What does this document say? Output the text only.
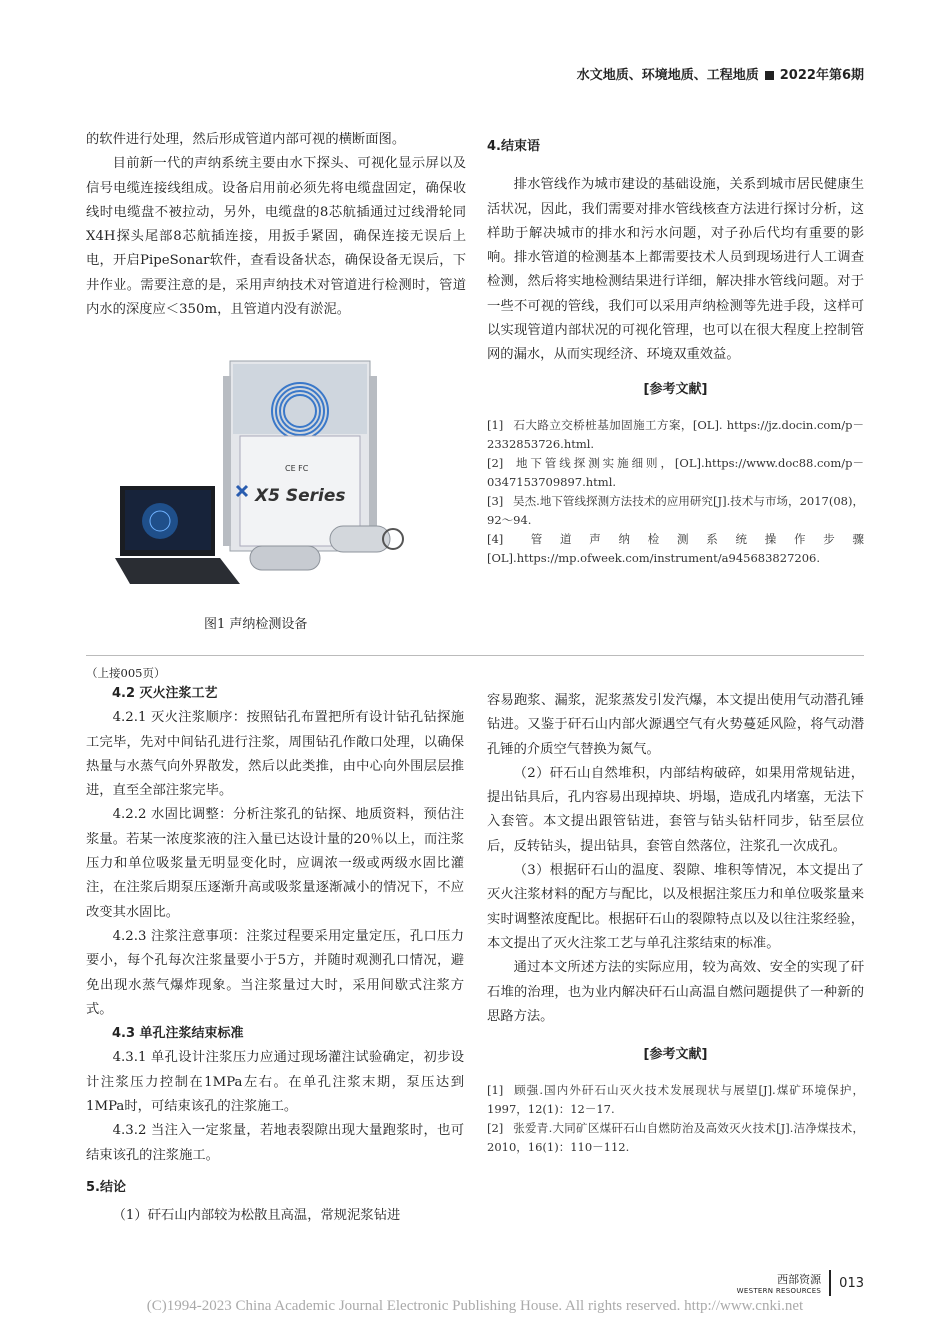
水文地质、环境地质、工程地质 2022年第6期

的软件进行处理，然后形成管道内部可视的横断面图。

目前新一代的声纳系统主要由水下探头、可视化显示屏以及信号电缆连接线组成。设备启用前必须先将电缆盘固定，确保收线时电缆盘不被拉动，另外，电缆盘的8芯航插通过过线滑轮同X4H探头尾部8芯航插连接，用扳手紧固，确保连接无误后上电，开启PipeSonar软件，查看设备状态，确保设备无误后，下井作业。需要注意的是，采用声纳技术对管道进行检测时，管道内水的深度应＜350m，且管道内没有淤泥。

CE FC
X5 Series
图1 声纳检测设备

4.结束语

排水管线作为城市建设的基础设施，关系到城市居民健康生活状况，因此，我们需要对排水管线核查方法进行探讨分析，这样助于解决城市的排水和污水问题，对子孙后代均有重要的影响。排水管道的检测基本上都需要技术人员到现场进行人工调查检测，然后将实地检测结果进行详细，解决排水管线问题。对于一些不可视的管线，我们可以采用声纳检测等先进手段，这样可以实现管道内部状况的可视化管理，也可以在很大程度上控制管网的漏水，从而实现经济、环境双重效益。

[参考文献]

[1] 石大路立交桥桩基加固施工方案，[OL]. https://jz.docin.com/p－2332853726.html.

[2] 地下管线探测实施细则，[OL].https://www.doc88.com/p－0347153709897.html.

[3] 吴杰.地下管线探测方法技术的应用研究[J].技术与市场，2017(08)，92～94.

[4] 管道声纳检测系统操作步骤[OL].https://mp.ofweek.com/instrument/a945683827206.

（上接005页）

4.2 灭火注浆工艺

4.2.1 灭火注浆顺序：按照钻孔布置把所有设计钻孔钻探施工完毕，先对中间钻孔进行注浆，周围钻孔作敞口处理，以确保热量与水蒸气向外界散发，然后以此类推，由中心向外围层层推进，直至全部注浆完毕。

4.2.2 水固比调整：分析注浆孔的钻探、地质资料，预估注浆量。若某一浓度浆液的注入量已达设计量的20％以上，而注浆压力和单位吸浆量无明显变化时，应调浓一级或两级水固比灌注，在注浆后期泵压逐渐升高或吸浆量逐渐减小的情况下，不应改变其水固比。

4.2.3 注浆注意事项：注浆过程要采用定量定压，孔口压力要小，每个孔每次注浆量要小于5方，并随时观测孔口情况，避免出现水蒸气爆炸现象。当注浆量过大时，采用间歇式注浆方式。

4.3 单孔注浆结束标准

4.3.1 单孔设计注浆压力应通过现场灌注试验确定，初步设计注浆压力控制在1MPa左右。在单孔注浆末期，泵压达到1MPa时，可结束该孔的注浆施工。

4.3.2 当注入一定浆量，若地表裂隙出现大量跑浆时，也可结束该孔的注浆施工。

5.结论

（1）矸石山内部较为松散且高温，常规泥浆钻进

容易跑浆、漏浆，泥浆蒸发引发汽爆，本文提出使用气动潜孔锤钻进。又鉴于矸石山内部火源遇空气有火势蔓延风险，将气动潜孔锤的介质空气替换为氮气。

（2）矸石山自然堆积，内部结构破碎，如果用常规钻进，提出钻具后，孔内容易出现掉块、坍塌，造成孔内堵塞，无法下入套管。本文提出跟管钻进，套管与钻头钻杆同步，钻至层位后，反转钻头，提出钻具，套管自然落位，注浆孔一次成孔。

（3）根据矸石山的温度、裂隙、堆积等情况，本文提出了灭火注浆材料的配方与配比，以及根据注浆压力和单位吸浆量来实时调整浓度配比。根据矸石山的裂隙特点以及以往注浆经验，本文提出了灭火注浆工艺与单孔注浆结束的标准。

通过本文所述方法的实际应用，较为高效、安全的实现了矸石堆的治理，也为业内解决矸石山高温自燃问题提供了一种新的思路方法。

[参考文献]

[1] 顾强.国内外矸石山灭火技术发展现状与展望[J].煤矿环境保护，1997，12(1)：12－17.

[2] 张爱青.大同矿区煤矸石山自燃防治及高效灭火技术[J].洁净煤技术，2010，16(1)：110－112.

西部资源
WESTERN RESOURCES
013
(C)1994-2023 China Academic Journal Electronic Publishing House. All rights reserved. http://www.cnki.net
